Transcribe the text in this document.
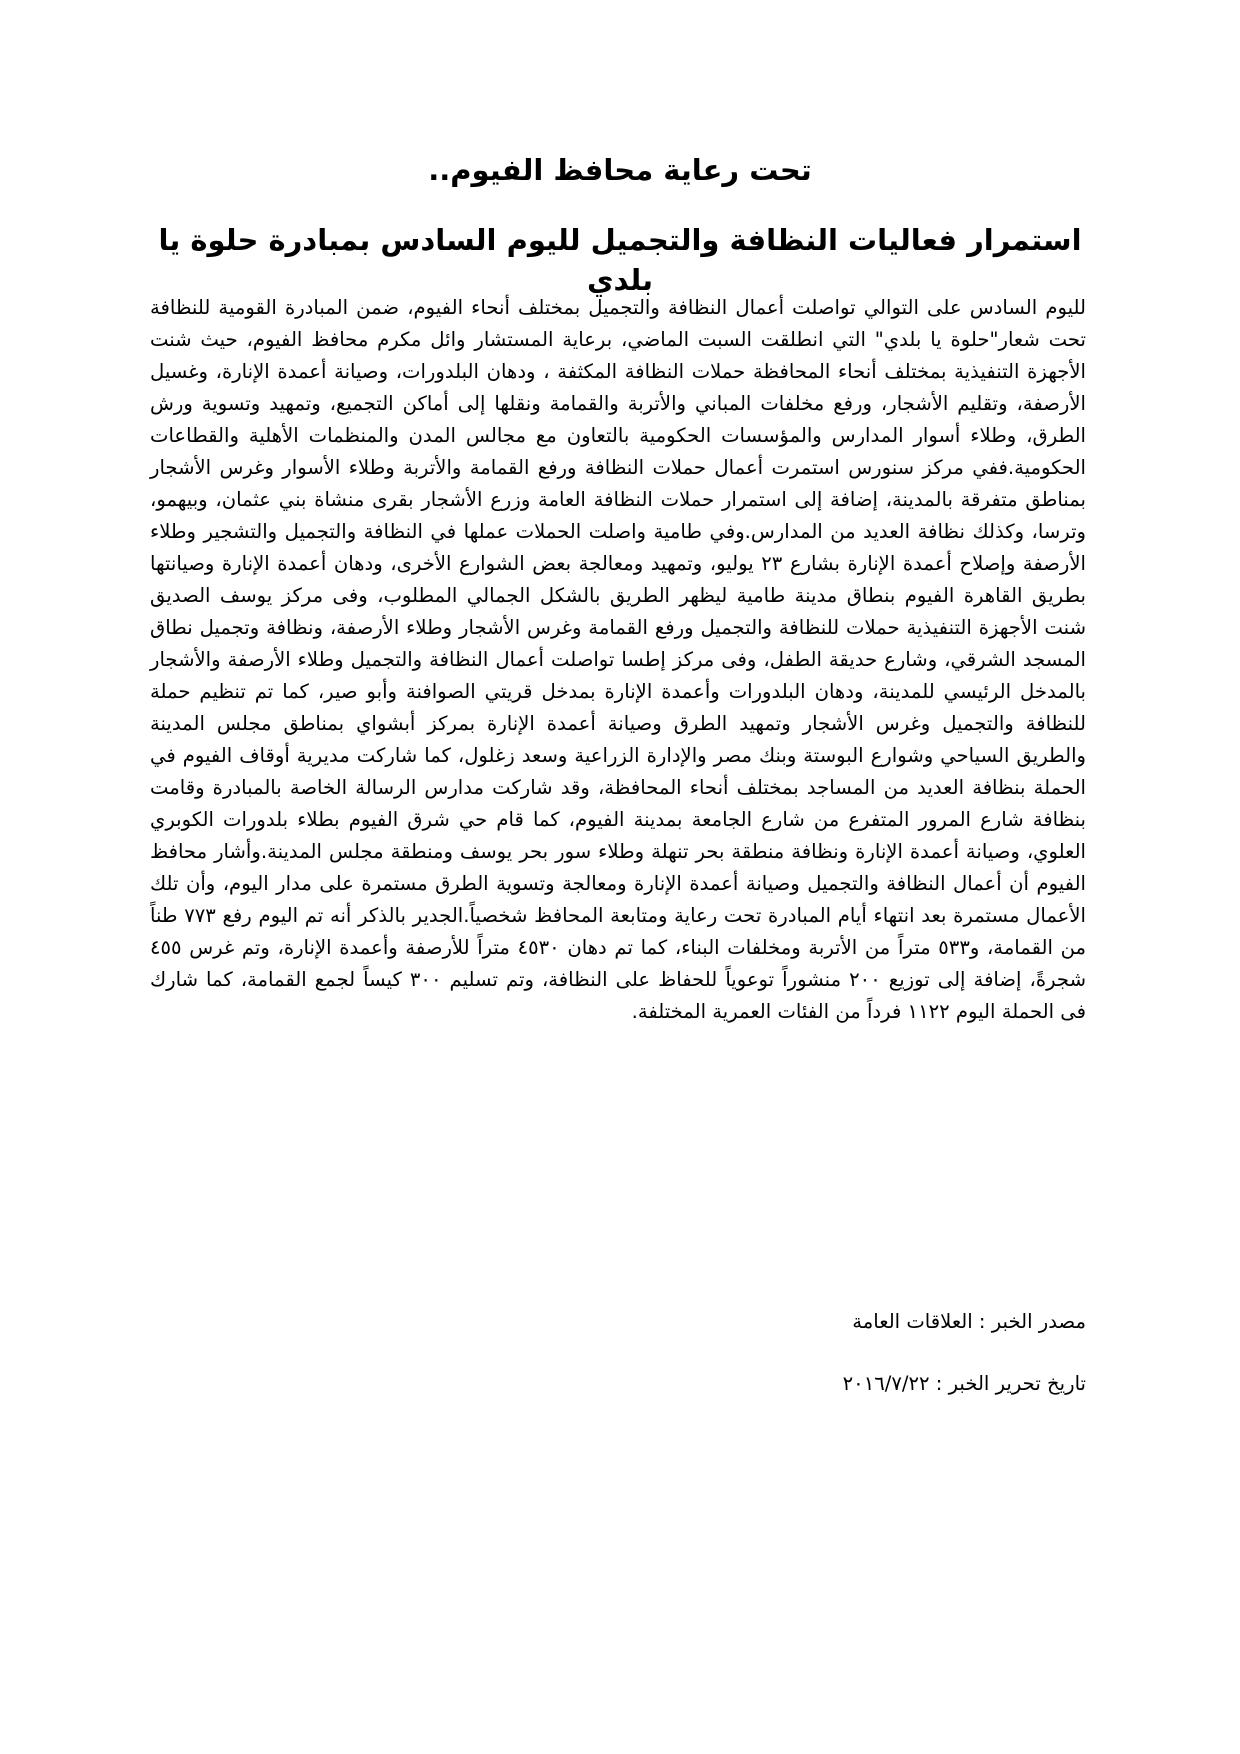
تحت رعاية محافظ الفيوم..
استمرار فعاليات النظافة والتجميل لليوم السادس بمبادرة حلوة يا بلدي

لليوم السادس على التوالي تواصلت أعمال النظافة والتجميل بمختلف أنحاء الفيوم، ضمن المبادرة القومية للنظافة تحت شعار"حلوة يا بلدي" التي انطلقت السبت الماضي، برعاية المستشار وائل مكرم محافظ الفيوم، حيث شنت الأجهزة التنفيذية بمختلف أنحاء المحافظة حملات النظافة المكثفة ، ودهان البلدورات، وصيانة أعمدة الإنارة، وغسيل الأرصفة، وتقليم الأشجار، ورفع مخلفات المباني والأتربة والقمامة ونقلها إلى أماكن التجميع، وتمهيد وتسوية ورش الطرق، وطلاء أسوار المدارس والمؤسسات الحكومية بالتعاون مع مجالس المدن والمنظمات الأهلية والقطاعات الحكومية.ففي مركز سنورس استمرت أعمال حملات النظافة ورفع القمامة والأتربة وطلاء الأسوار وغرس الأشجار بمناطق متفرقة بالمدينة، إضافة إلى استمرار حملات النظافة العامة وزرع الأشجار بقرى منشاة بني عثمان، وبيهمو، وترسا، وكذلك نظافة العديد من المدارس.وفي طامية واصلت الحملات عملها في النظافة والتجميل والتشجير وطلاء الأرصفة وإصلاح أعمدة الإنارة بشارع ٢٣ يوليو، وتمهيد ومعالجة بعض الشوارع الأخرى، ودهان أعمدة الإنارة وصيانتها بطريق القاهرة الفيوم بنطاق مدينة طامية ليظهر الطريق بالشكل الجمالي المطلوب، وفى مركز يوسف الصديق شنت الأجهزة التنفيذية حملات للنظافة والتجميل ورفع القمامة وغرس الأشجار وطلاء الأرصفة، ونظافة وتجميل نطاق المسجد الشرقي، وشارع حديقة الطفل، وفى مركز إطسا تواصلت أعمال النظافة والتجميل وطلاء الأرصفة والأشجار بالمدخل الرئيسي للمدينة، ودهان البلدورات وأعمدة الإنارة بمدخل قريتي الصوافنة وأبو صير، كما تم تنظيم حملة للنظافة والتجميل وغرس الأشجار وتمهيد الطرق وصيانة أعمدة الإنارة بمركز أبشواي بمناطق مجلس المدينة والطريق السياحي وشوارع البوستة وبنك مصر والإدارة الزراعية وسعد زغلول، كما شاركت مديرية أوقاف الفيوم في الحملة بنظافة العديد من المساجد بمختلف أنحاء المحافظة، وقد شاركت مدارس الرسالة الخاصة بالمبادرة وقامت بنظافة شارع المرور المتفرع من شارع الجامعة بمدينة الفيوم، كما قام حي شرق الفيوم بطلاء بلدورات الكوبري العلوي، وصيانة أعمدة الإنارة ونظافة منطقة بحر تنهلة وطلاء سور بحر يوسف ومنطقة مجلس المدينة.وأشار محافظ الفيوم أن أعمال النظافة والتجميل وصيانة أعمدة الإنارة ومعالجة وتسوية الطرق مستمرة على مدار اليوم، وأن تلك الأعمال مستمرة بعد انتهاء أيام المبادرة تحت رعاية ومتابعة المحافظ شخصياً.الجدير بالذكر أنه تم اليوم رفع ٧٧٣ طناً من القمامة، و٥٣٣ متراً من الأتربة ومخلفات البناء، كما تم دهان ٤٥٣٠ متراً للأرصفة وأعمدة الإنارة، وتم غرس ٤٥٥ شجرةً، إضافة إلى توزيع ٢٠٠ منشوراً توعوياً للحفاظ على النظافة، وتم تسليم ٣٠٠ كيساً لجمع القمامة، كما شارك فى الحملة اليوم ١١٢٢ فرداً من الفئات العمرية المختلفة.

مصدر الخبر : العلاقات العامة

تاريخ تحرير الخبر : ٢٠١٦/٧/٢٢
